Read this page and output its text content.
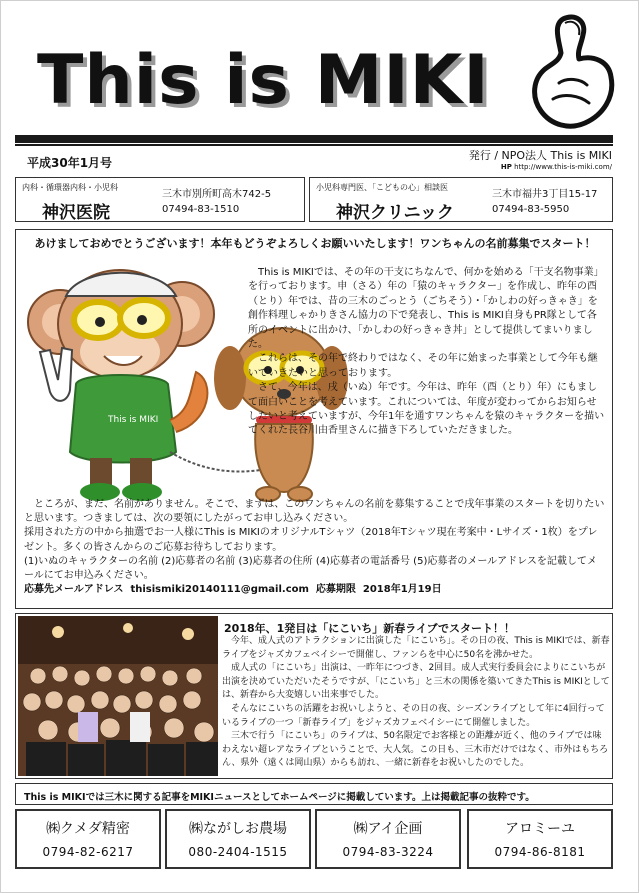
This is MIKI
平成30年1月号
発行 / NPO法人 This is MIKI
HP http://www.this-is-miki.com/
内科・循環器内科・小児科
神沢医院
三木市別所町高木742-5
07494-83-1510
小児科専門医、「こどもの心」相談医
神沢クリニック
三木市福井3丁目15-17
07494-83-5950
あけましておめでとうございます！本年もどうぞよろしくお願いいたします！ワンちゃんの名前募集でスタート！
This is MIKI

This is MIKIでは、その年の干支にちなんで、何かを始める「干支名物事業」を行っております。申（さる）年の「猿のキャラクター」を作成し、昨年の酉（とり）年では、昔の三木のごっとう（ごちそう）・「かしわの好っきゃき」を創作料理しゃかりきさん協力の下で発表し、This is MIKI自身もPR隊として各所のイベントに出かけ、「かしわの好っきゃき丼」として提供してまいりました。

これらは、その年で終わりではなく、その年に始まった事業として今年も継いでいきたいと思っております。

さて、今年は、戌（いぬ）年です。今年は、昨年（酉（とり）年）にもまして面白いことを考えています。これについては、年度が変わってからお知らせしたいと考えていますが、今年1年を通すワンちゃんを猿のキャラクターを描いてくれた長谷川由香里さんに描き下ろしていただきました。

ところが、まだ、名前がありません。そこで、まずは、このワンちゃんの名前を募集することで戌年事業のスタートを切りたいと思います。つきましては、次の要領にしたがってお申し込みください。

採用された方の中から抽選でお一人様にThis is MIKIのオリジナルTシャツ（2018年Tシャツ現在考案中・Lサイズ・1枚）をプレゼント。多くの皆さんからのご応募お待ちしております。

(1)いぬのキャラクターの名前 (2)応募者の名前 (3)応募者の住所 (4)応募者の電話番号 (5)応募者のメールアドレスを記載してメールにてお申込みください。

応募先メールアドレス thisismiki20140111@gmail.com 応募期限 2018年1月19日

2018年、1発目は「にこいち」新春ライブでスタート！！

今年、成人式のアトラクションに出演した「にこいち」。その日の夜、This is MIKIでは、新春ライブをジャズカフェベイシーで開催し、ファンらを中心に50名を沸かせた。

成人式の「にこいち」出演は、一昨年につづき、2回目。成人式実行委員会によりにこいちが出演を決めていただいたそうですが、「にこいち」と三木の関係を築いてきたThis is MIKIとしては、新春から大変嬉しい出来事でした。

そんなにこいちの活躍をお祝いしようと、その日の夜、シーズンライブとして年に4回行っているライブの一つ「新春ライブ」をジャズカフェベイシーにて開催しました。

三木で行う「にこいち」のライブは、50名限定でお客様との距離が近く、他のライブでは味わえない超レアなライブということで、大人気。この日も、三木市だけではなく、市外はもちろん、県外（遠くは岡山県）からも訪れ、一緒に新春をお祝いしたのでした。

This is MIKIでは三木に関する記事をMIKIニュースとしてホームページに掲載しています。上は掲載記事の抜粋です。
㈱クメダ精密
0794-82-6217
㈱ながしお農場
080-2404-1515
㈱アイ企画
0794-83-3224
アロミーユ
0794-86-8181
